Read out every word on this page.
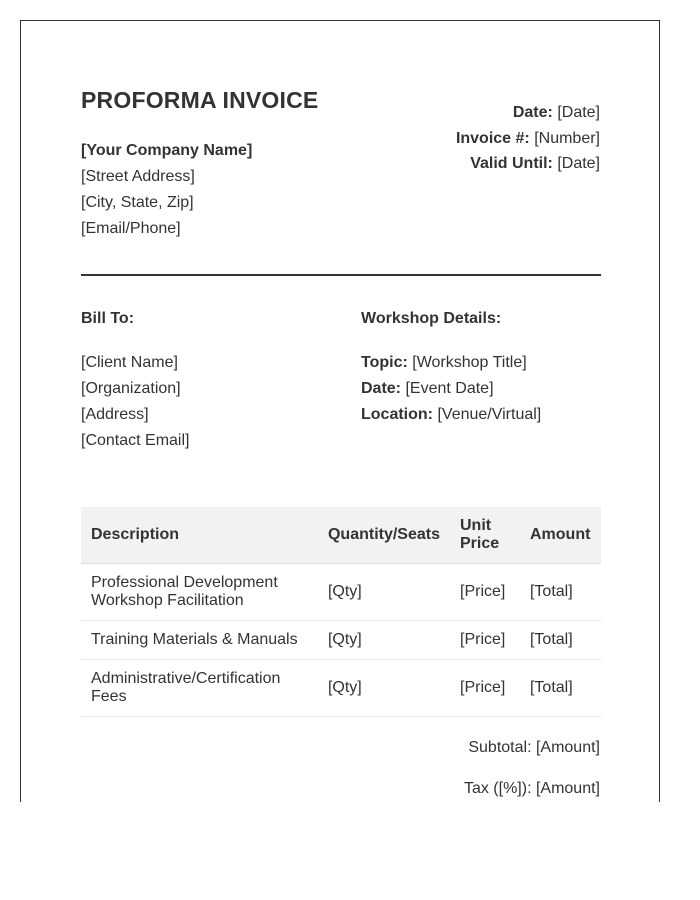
PROFORMA INVOICE
[Your Company Name]
[Street Address]
[City, State, Zip]
[Email/Phone]
Date: [Date]
Invoice #: [Number]
Valid Until: [Date]
Bill To:	Workshop Details:
[Client Name]
[Organization]
[Address]
[Contact Email]
Topic: [Workshop Title]
Date: [Event Date]
Location: [Venue/Virtual]
Description	Quantity/Seats	Unit Price	Amount
Professional Development Workshop Facilitation	[Qty]	[Price]	[Total]
Training Materials & Manuals	[Qty]	[Price]	[Total]
Administrative/Certification Fees	[Qty]	[Price]	[Total]
Subtotal: [Amount]
Tax ([%]): [Amount]
